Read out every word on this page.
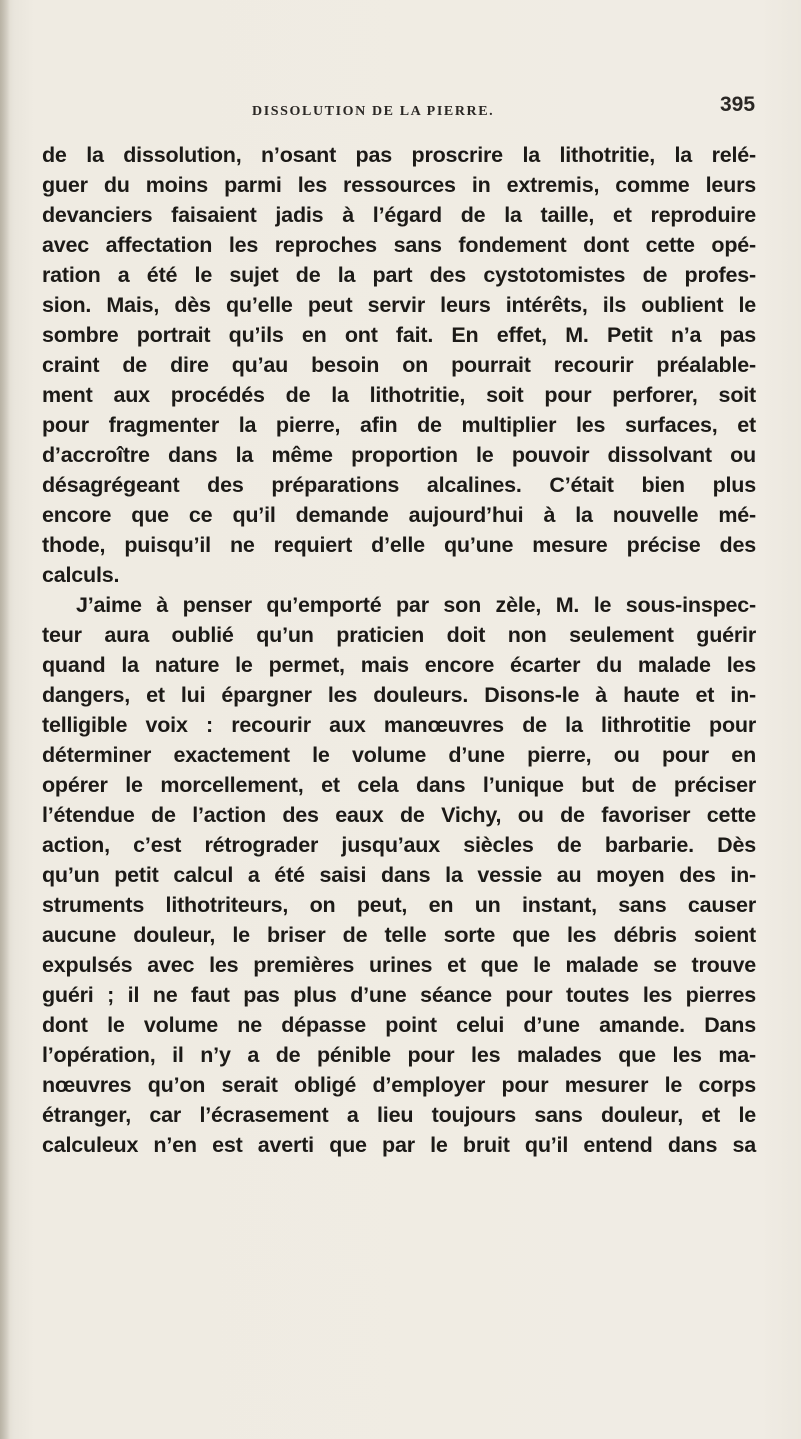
DISSOLUTION DE LA PIERRE.	395
de la dissolution, n’osant pas proscrire la lithotritie, la relé-
guer du moins parmi les ressources in extremis, comme leurs
devanciers faisaient jadis à l’égard de la taille, et reproduire
avec affectation les reproches sans fondement dont cette opé-
ration a été le sujet de la part des cystotomistes de profes-
sion. Mais, dès qu’elle peut servir leurs intérêts, ils oublient le
sombre portrait qu’ils en ont fait. En effet, M. Petit n’a pas
craint de dire qu’au besoin on pourrait recourir préalable-
ment aux procédés de la lithotritie, soit pour perforer, soit
pour fragmenter la pierre, afin de multiplier les surfaces, et
d’accroître dans la même proportion le pouvoir dissolvant ou
désagrégeant des préparations alcalines. C’était bien plus
encore que ce qu’il demande aujourd’hui à la nouvelle mé-
thode, puisqu’il ne requiert d’elle qu’une mesure précise des
calculs.
J’aime à penser qu’emporté par son zèle, M. le sous-inspec-
teur aura oublié qu’un praticien doit non seulement guérir
quand la nature le permet, mais encore écarter du malade les
dangers, et lui épargner les douleurs. Disons-le à haute et in-
telligible voix : recourir aux manœuvres de la lithrotitie pour
déterminer exactement le volume d’une pierre, ou pour en
opérer le morcellement, et cela dans l’unique but de préciser
l’étendue de l’action des eaux de Vichy, ou de favoriser cette
action, c’est rétrograder jusqu’aux siècles de barbarie. Dès
qu’un petit calcul a été saisi dans la vessie au moyen des in-
struments lithotriteurs, on peut, en un instant, sans causer
aucune douleur, le briser de telle sorte que les débris soient
expulsés avec les premières urines et que le malade se trouve
guéri ; il ne faut pas plus d’une séance pour toutes les pierres
dont le volume ne dépasse point celui d’une amande. Dans
l’opération, il n’y a de pénible pour les malades que les ma-
nœuvres qu’on serait obligé d’employer pour mesurer le corps
étranger, car l’écrasement a lieu toujours sans douleur, et le
calculeux n’en est averti que par le bruit qu’il entend dans sa
